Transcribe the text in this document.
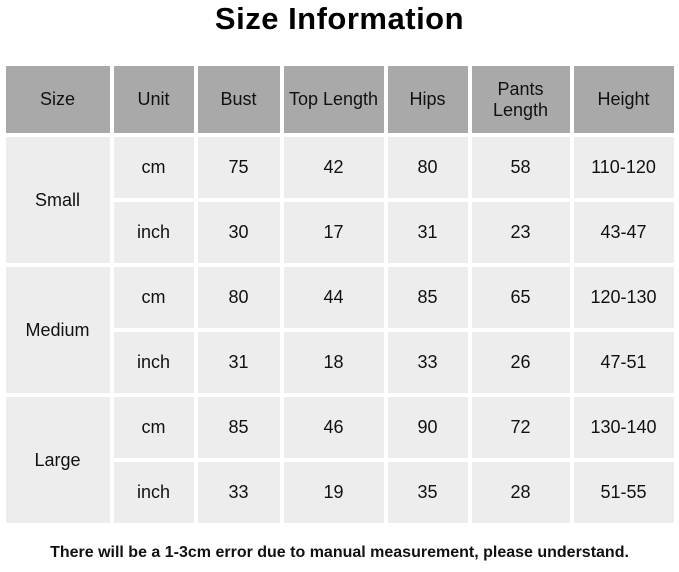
Size Information
Size	Unit	Bust	Top Length	Hips	Pants Length	Height
Small	cm	75	42	80	58	110-120
	inch	30	17	31	23	43-47
Medium	cm	80	44	85	65	120-130
	inch	31	18	33	26	47-51
Large	cm	85	46	90	72	130-140
	inch	33	19	35	28	51-55

There will be a 1-3cm error due to manual measurement, please understand.
